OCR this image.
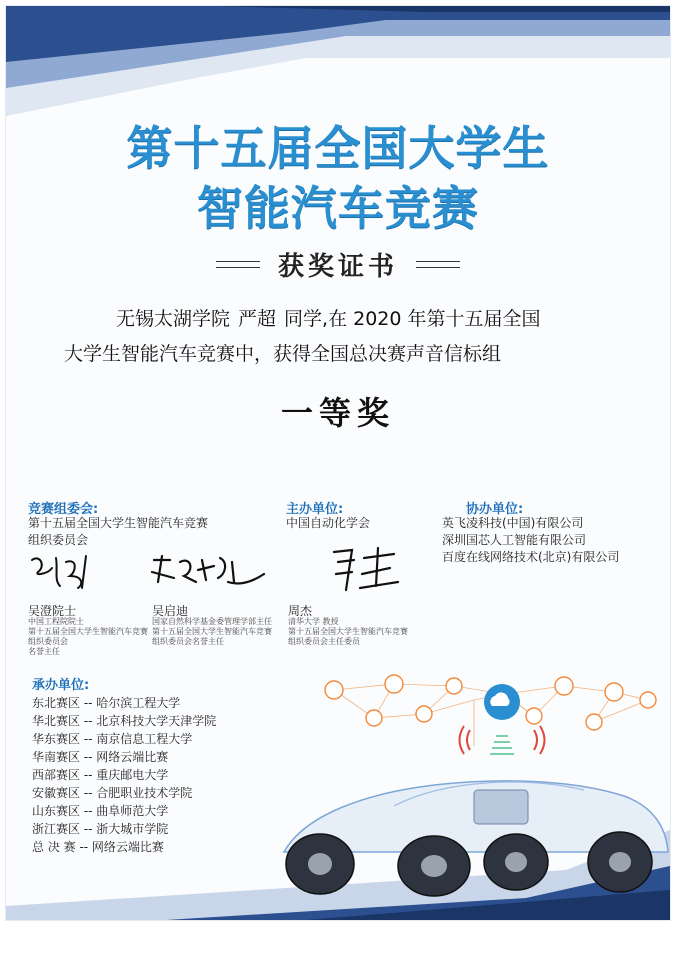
第十五届全国大学生
智能汽车竞赛
获奖证书
无锡太湖学院 严超 同学,在 2020 年第十五届全国
大学生智能汽车竞赛中，获得全国总决赛声音信标组
一等奖
竞赛组委会:
第十五届全国大学生智能汽车竞赛
组织委员会
主办单位:
中国自动化学会
协办单位:
英飞凌科技(中国)有限公司
深圳国芯人工智能有限公司
百度在线网络技术(北京)有限公司
吴澄院士
中国工程院院士
第十五届全国大学生智能汽车竞赛
组织委员会
名誉主任
吴启迪
国家自然科学基金委管理学部主任
第十五届全国大学生智能汽车竞赛
组织委员会名誉主任
周杰
清华大学 教授
第十五届全国大学生智能汽车竞赛
组织委员会主任委员
承办单位:
东北赛区 -- 哈尔滨工程大学
华北赛区 -- 北京科技大学天津学院
华东赛区 -- 南京信息工程大学
华南赛区 -- 网络云端比赛
西部赛区 -- 重庆邮电大学
安徽赛区 -- 合肥职业技术学院
山东赛区 -- 曲阜师范大学
浙江赛区 -- 浙大城市学院
总 决 赛 -- 网络云端比赛
